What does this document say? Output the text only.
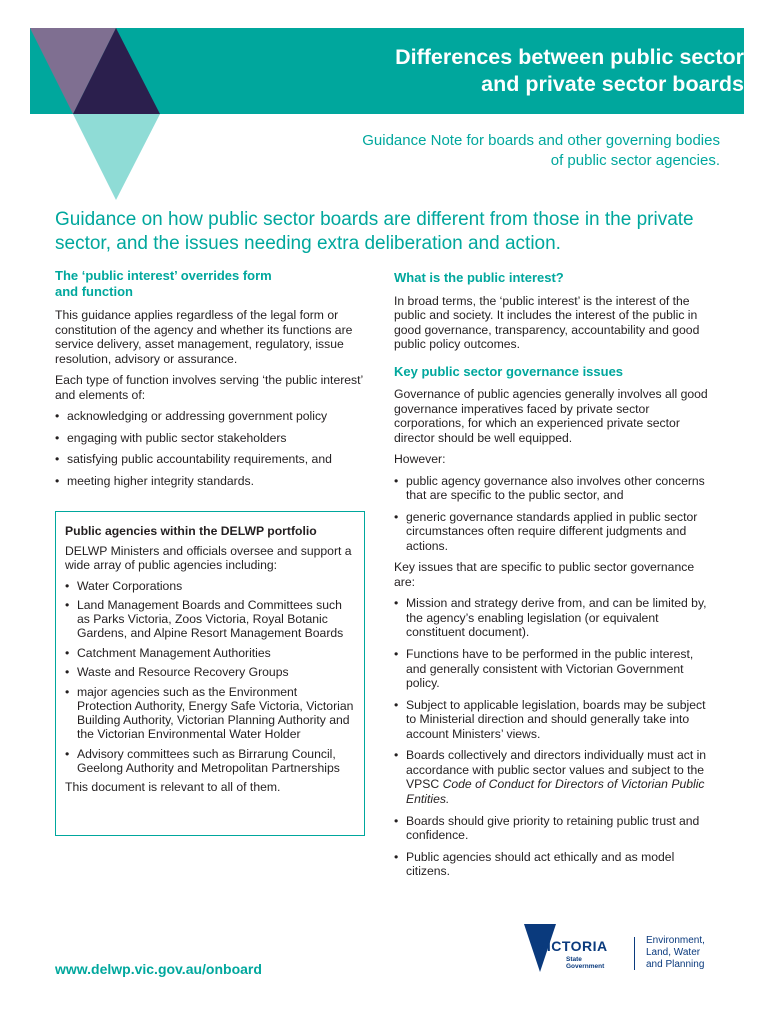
Differences between public sector
and private sector boards
Guidance Note for boards and other governing bodies
of public sector agencies.
Guidance on how public sector boards are different from those in the private sector, and the issues needing extra deliberation and action.
The ‘public interest’ overrides form
and function

This guidance applies regardless of the legal form or constitution of the agency and whether its functions are service delivery, asset management, regulatory, issue resolution, advisory or assurance.

Each type of function involves serving ‘the public interest’ and elements of:

• acknowledging or addressing government policy
• engaging with public sector stakeholders
• satisfying public accountability requirements, and
• meeting higher integrity standards.
Public agencies within the DELWP portfolio

DELWP Ministers and officials oversee and support a wide array of public agencies including:

• Water Corporations
• Land Management Boards and Committees such as Parks Victoria, Zoos Victoria, Royal Botanic Gardens, and Alpine Resort Management Boards
• Catchment Management Authorities
• Waste and Resource Recovery Groups
• major agencies such as the Environment Protection Authority, Energy Safe Victoria, Victorian Building Authority, Victorian Planning Authority and the Victorian Environmental Water Holder
• Advisory committees such as Birrarung Council, Geelong Authority and Metropolitan Partnerships

This document is relevant to all of them.

What is the public interest?

In broad terms, the ‘public interest’ is the interest of the public and society. It includes the interest of the public in good governance, transparency, accountability and good public policy outcomes.

Key public sector governance issues

Governance of public agencies generally involves all good governance imperatives faced by private sector corporations, for which an experienced private sector director should be well equipped.

However:

• public agency governance also involves other concerns that are specific to the public sector, and
• generic governance standards applied in public sector circumstances often require different judgments and actions.

Key issues that are specific to public sector governance are:

• Mission and strategy derive from, and can be limited by, the agency’s enabling legislation (or equivalent constituent document).
• Functions have to be performed in the public interest, and generally consistent with Victorian Government policy.
• Subject to applicable legislation, boards may be subject to Ministerial direction and should generally take into account Ministers’ views.
• Boards collectively and directors individually must act in accordance with public sector values and subject to the VPSC Code of Conduct for Directors of Victorian Public Entities.
• Boards should give priority to retaining public trust and confidence.
• Public agencies should act ethically and as model citizens.
www.delwp.vic.gov.au/onboard
VICTORIA
State
Government
Environment,
Land, Water
and Planning
